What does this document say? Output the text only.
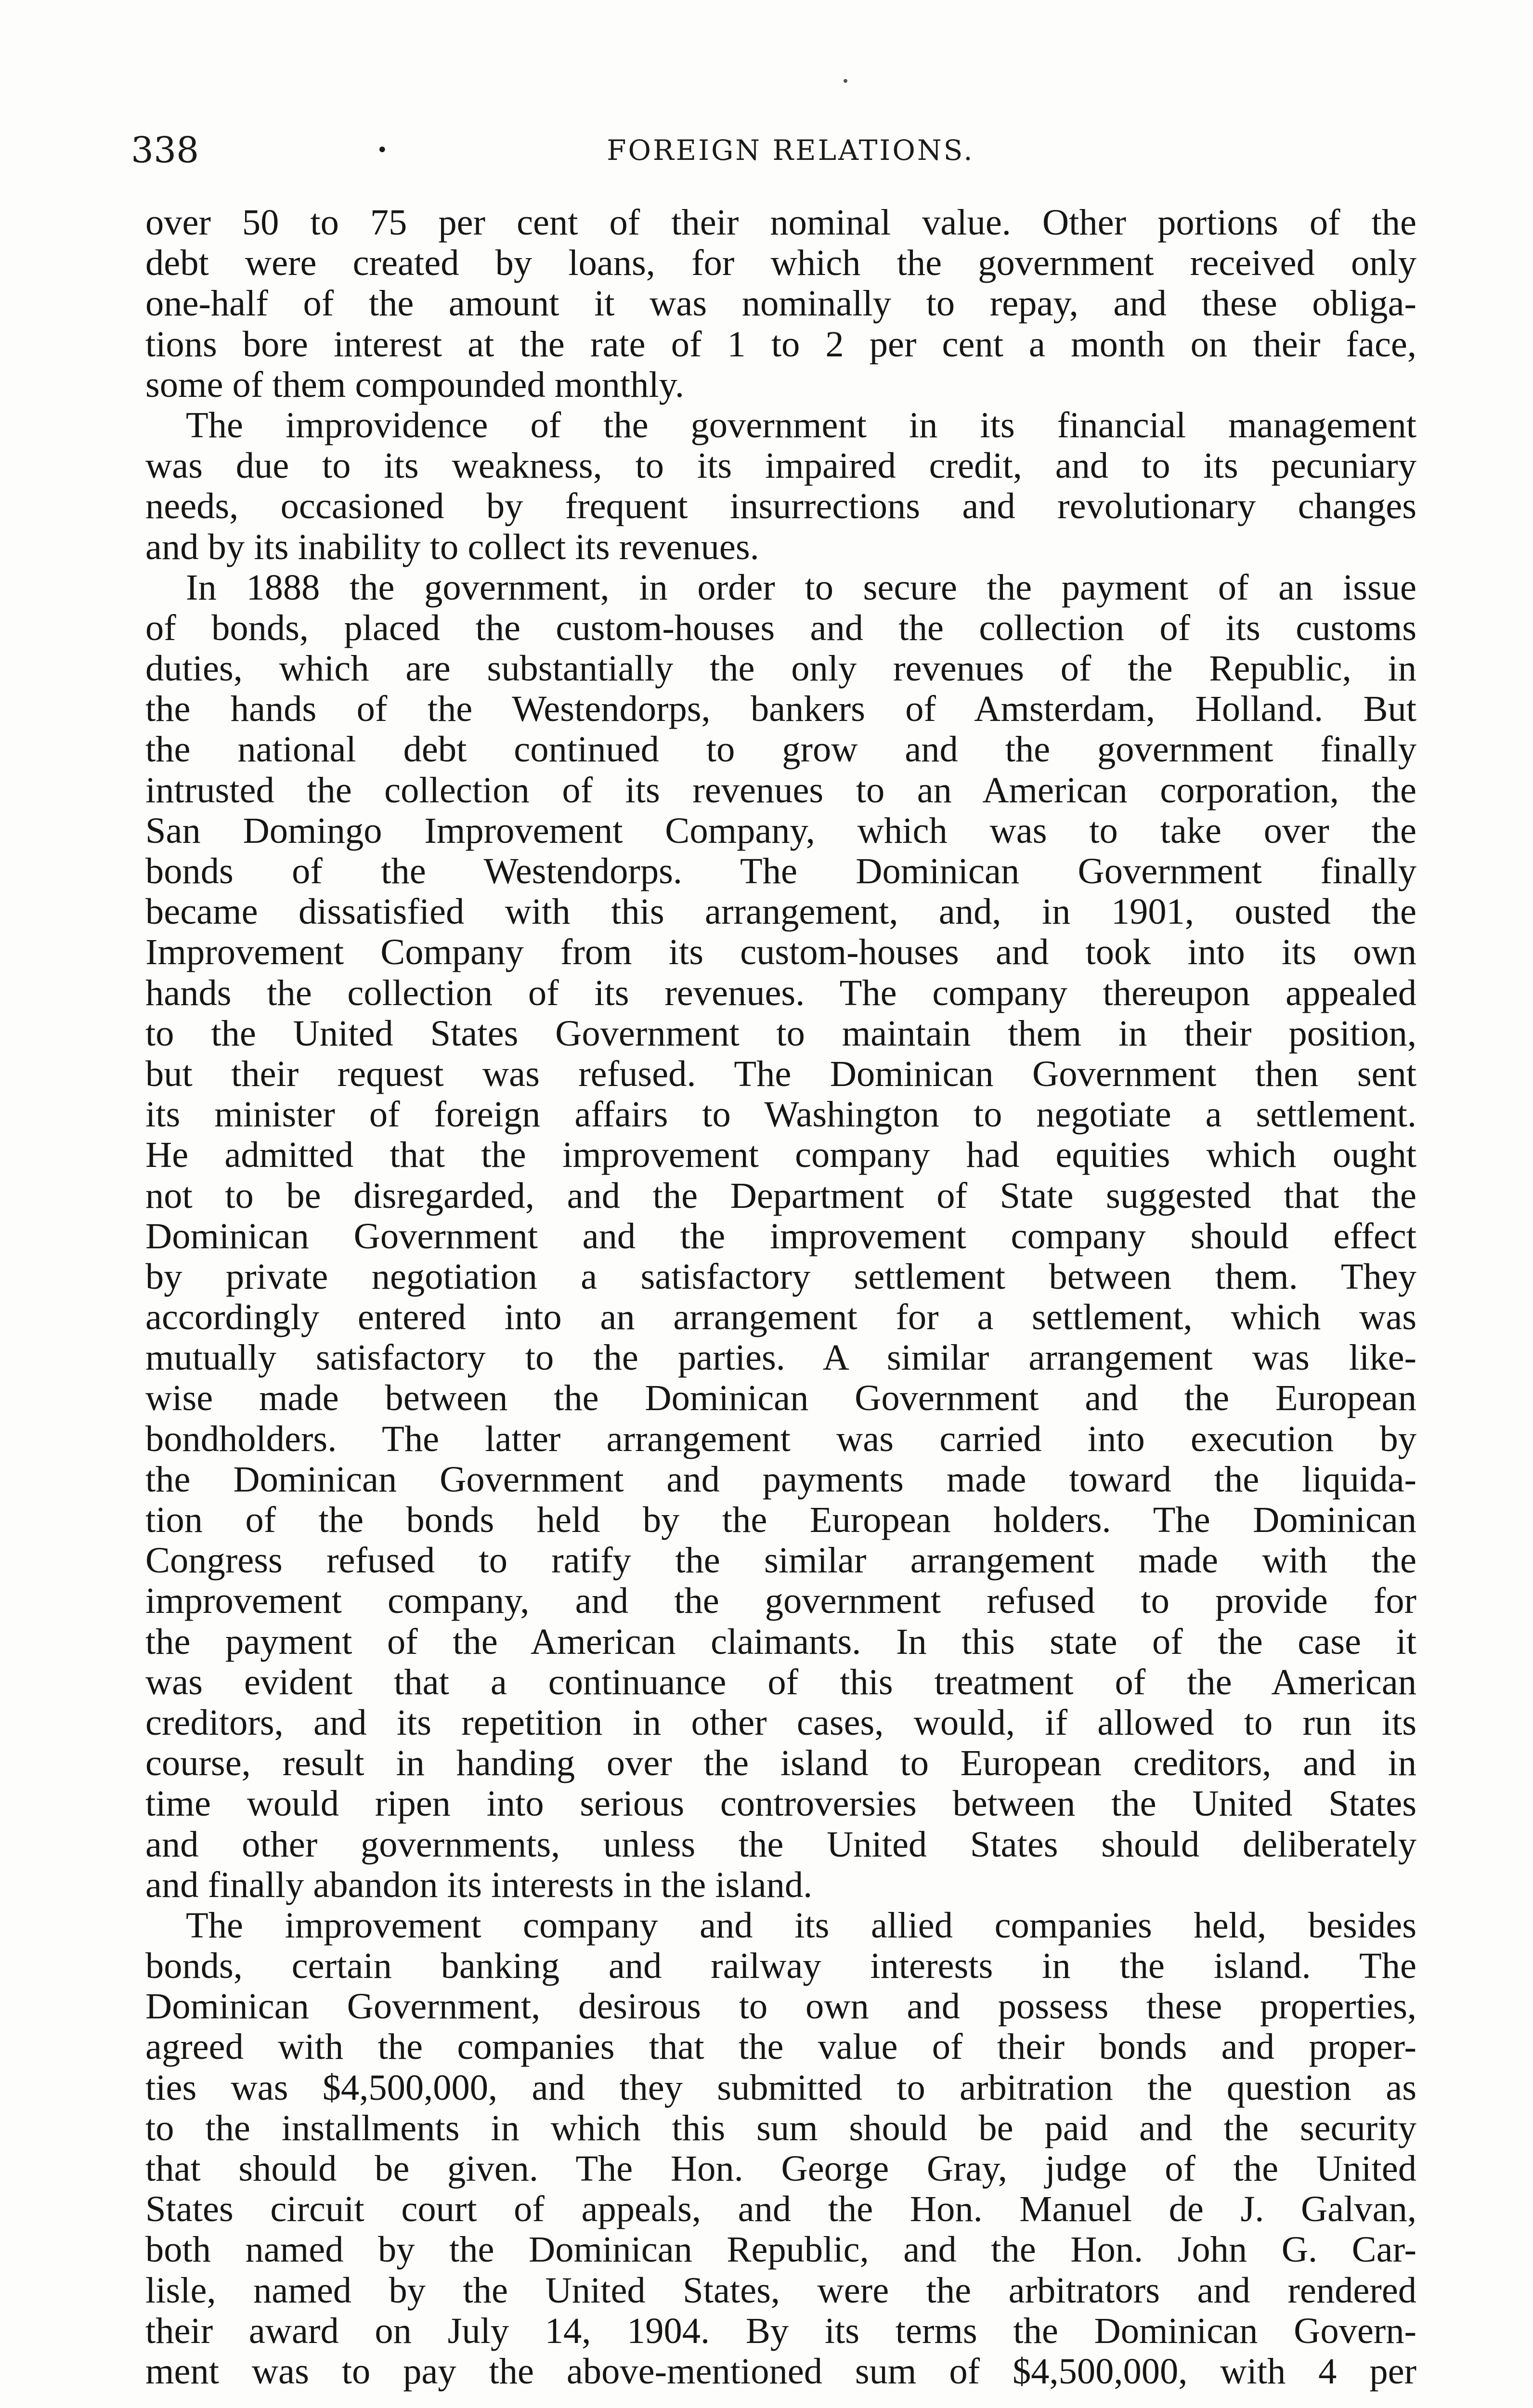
338	•	FOREIGN RELATIONS.
over 50 to 75 per cent of their nominal value. Other portions of the
debt were created by loans, for which the government received only
one-half of the amount it was nominally to repay, and these obliga-
tions bore interest at the rate of 1 to 2 per cent a month on their face,
some of them compounded monthly.
The improvidence of the government in its financial management
was due to its weakness, to its impaired credit, and to its pecuniary
needs, occasioned by frequent insurrections and revolutionary changes
and by its inability to collect its revenues.
In 1888 the government, in order to secure the payment of an issue
of bonds, placed the custom-houses and the collection of its customs
duties, which are substantially the only revenues of the Republic, in
the hands of the Westendorps, bankers of Amsterdam, Holland. But
the national debt continued to grow and the government finally
intrusted the collection of its revenues to an American corporation, the
San Domingo Improvement Company, which was to take over the
bonds of the Westendorps. The Dominican Government finally
became dissatisfied with this arrangement, and, in 1901, ousted the
Improvement Company from its custom-houses and took into its own
hands the collection of its revenues. The company thereupon appealed
to the United States Government to maintain them in their position,
but their request was refused. The Dominican Government then sent
its minister of foreign affairs to Washington to negotiate a settlement.
He admitted that the improvement company had equities which ought
not to be disregarded, and the Department of State suggested that the
Dominican Government and the improvement company should effect
by private negotiation a satisfactory settlement between them. They
accordingly entered into an arrangement for a settlement, which was
mutually satisfactory to the parties. A similar arrangement was like-
wise made between the Dominican Government and the European
bondholders. The latter arrangement was carried into execution by
the Dominican Government and payments made toward the liquida-
tion of the bonds held by the European holders. The Dominican
Congress refused to ratify the similar arrangement made with the
improvement company, and the government refused to provide for
the payment of the American claimants. In this state of the case it
was evident that a continuance of this treatment of the American
creditors, and its repetition in other cases, would, if allowed to run its
course, result in handing over the island to European creditors, and in
time would ripen into serious controversies between the United States
and other governments, unless the United States should deliberately
and finally abandon its interests in the island.
The improvement company and its allied companies held, besides
bonds, certain banking and railway interests in the island. The
Dominican Government, desirous to own and possess these properties,
agreed with the companies that the value of their bonds and proper-
ties was $4,500,000, and they submitted to arbitration the question as
to the installments in which this sum should be paid and the security
that should be given. The Hon. George Gray, judge of the United
States circuit court of appeals, and the Hon. Manuel de J. Galvan,
both named by the Dominican Republic, and the Hon. John G. Car-
lisle, named by the United States, were the arbitrators and rendered
their award on July 14, 1904. By its terms the Dominican Govern-
ment was to pay the above-mentioned sum of $4,500,000, with 4 per
